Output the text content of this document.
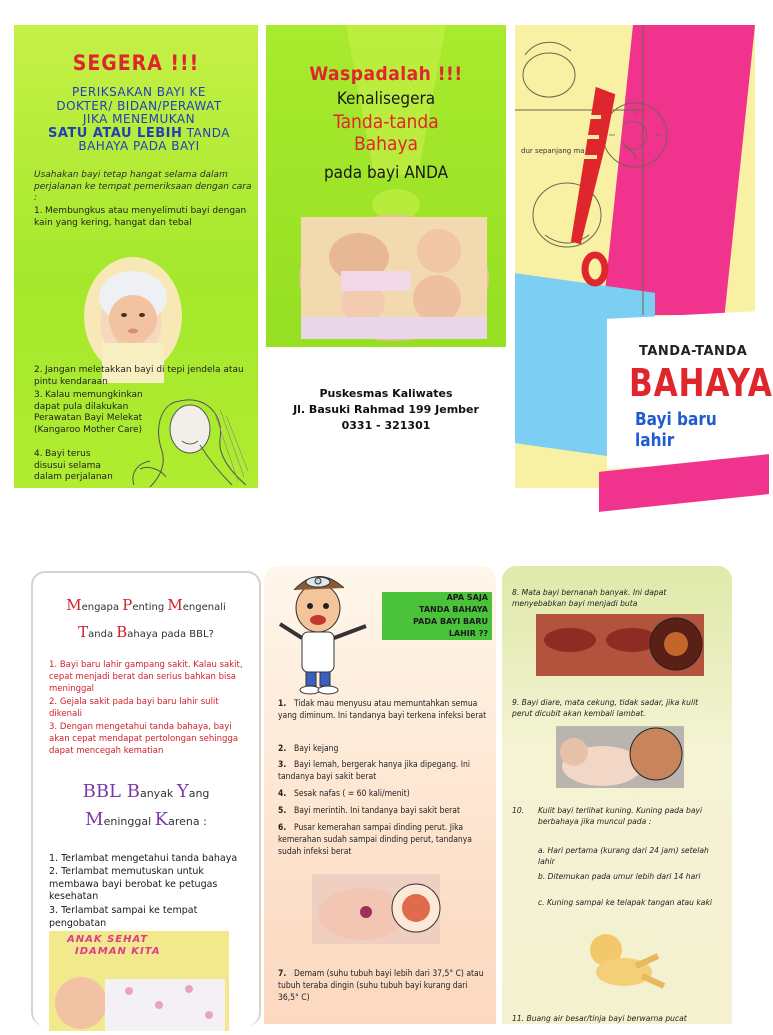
SEGERA !!!
PERIKSAKAN BAYI KE
DOKTER/ BIDAN/PERAWAT
JIKA MENEMUKAN
SATU ATAU LEBIH TANDA
BAHAYA PADA BAYI
Usahakan bayi tetap hangat selama dalam perjalanan ke tempat pemeriksaan dengan cara :
1. Membungkus atau menyelimuti bayi dengan kain yang kering, hangat dan tebal
2. Jangan meletakkan bayi di tepi jendela atau pintu kendaraan
3. Kalau memungkinkan dapat pula dilakukan Perawatan Bayi Melekat (Kangaroo Mother Care)
4. Bayi terus disusui selama dalam perjalanan
Waspadalah !!!
Kenalisegera
Tanda-tanda
Bahaya
pada bayi ANDA
Puskesmas Kaliwates
Jl. Basuki Rahmad 199 Jember
0331 - 321301
dur sepanjang ma
TANDA-TANDA
BAHAYA
Bayi baru lahir
Mengapa Penting Mengenali
Tanda Bahaya pada BBL?
1. Bayi baru lahir gampang sakit. Kalau sakit, cepat menjadi berat dan serius bahkan bisa meninggal
2. Gejala sakit pada bayi baru lahir sulit dikenali
3. Dengan mengetahui tanda bahaya, bayi akan cepat mendapat pertolongan sehingga dapat mencegah kematian
BBL Banyak Yang
Meninggal Karena :
1. Terlambat mengetahui tanda bahaya
2. Terlambat memutuskan untuk membawa bayi berobat ke petugas kesehatan
3. Terlambat sampai ke tempat pengobatan
ANAK SEHAT
IDAMAN KITA
APA SAJA
TANDA BAHAYA
PADA BAYI BARU
LAHIR ??
1. Tidak mau menyusu atau memuntahkan semua yang diminum. Ini tandanya bayi terkena infeksi berat
2. Bayi kejang
3. Bayi lemah, bergerak hanya jika dipegang. Ini tandanya bayi sakit berat
4. Sesak nafas ( = 60 kali/menit)
5. Bayi merintih. Ini tandanya bayi sakit berat
6. Pusar kemerahan sampai dinding perut. Jika kemerahan sudah sampai dinding perut, tandanya sudah infeksi berat
7. Demam (suhu tubuh bayi lebih dari 37,5° C) atau tubuh teraba dingin (suhu tubuh bayi kurang dari 36,5° C)
8. Mata bayi bernanah banyak. Ini dapat menyebabkan bayi menjadi buta
9. Bayi diare, mata cekung, tidak sadar, jika kulit perut dicubit akan kembali lambat.
10.	Kulit bayi terlihat kuning. Kuning pada bayi berbahaya jika muncul pada :
a. Hari pertama (kurang dari 24 jam) setelah lahir
b. Ditemukan pada umur lebih dari 14 hari
c. Kuning sampai ke telapak tangan atau kaki
11. Buang air besar/tinja bayi berwarna pucat
